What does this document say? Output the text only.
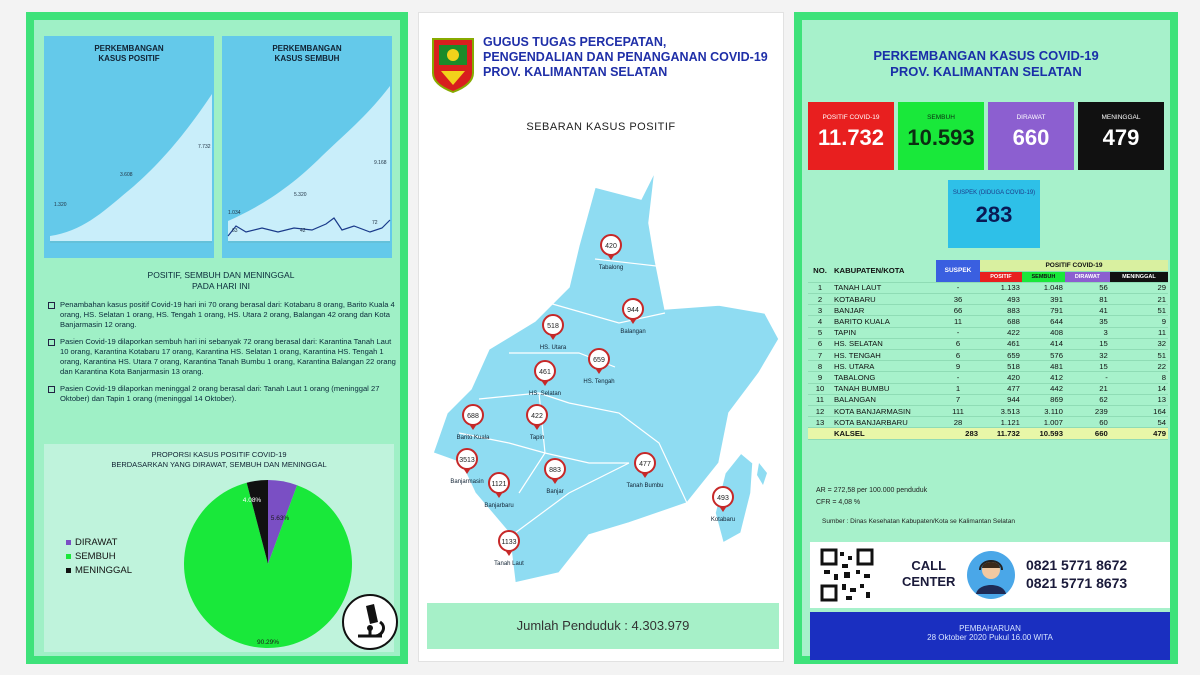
PERKEMBANGAN
KASUS POSITIF
1.320
3.608
7.732
PERKEMBANGAN
KASUS SEMBUH
1.034
5.320
9.168
42
72
63
POSITIF, SEMBUH DAN MENINGGAL
PADA HARI INI
Penambahan kasus positif Covid-19 hari ini 70 orang berasal dari: Kotabaru 8 orang, Barito Kuala 4 orang, HS. Selatan 1 orang, HS. Tengah 1 orang, HS. Utara 2 orang, Balangan 42 orang dan Kota Banjarmasin 12 orang.
Pasien Covid-19 dilaporkan sembuh hari ini sebanyak 72 orang berasal dari: Karantina Tanah Laut 10 orang, Karantina Kotabaru 17 orang, Karantina HS. Selatan 1 orang, Karantina HS. Tengah 1 orang, Karantina HS. Utara 7 orang, Karantina Tanah Bumbu 1 orang, Karantina Balangan 22 orang dan Karantina Kota Banjarmasin 13 orang.
Pasien Covid-19 dilaporkan meninggal 2 orang berasal dari: Tanah Laut 1 orang (meninggal 27 Oktober) dan Tapin 1 orang (meninggal 14 Oktober).
PROPORSI KASUS POSITIF COVID-19
BERDASARKAN YANG DIRAWAT, SEMBUH DAN MENINGGAL
DIRAWAT
SEMBUH
MENINGGAL
5.63%
90.29%
4.08%
GUGUS TUGAS PERCEPATAN,
PENGENDALIAN DAN PENANGANAN COVID-19
PROV. KALIMANTAN SELATAN
SEBARAN KASUS POSITIF
420
Tabalong
944
Balangan
518
HS. Utara
659
HS. Tengah
461
HS. Selatan
688
Barito Kuala
422
Tapin
3513
Banjarmasin 1121
Banjarbaru
883
Banjar
477
Tanah Bumbu
493
Kotabaru
1133
Tanah Laut
Jumlah Penduduk : 4.303.979
PERKEMBANGAN KASUS COVID-19
PROV. KALIMANTAN SELATAN
POSITIF COVID-19
11.732
SEMBUH
10.593
DIRAWAT
660
MENINGGAL
479
SUSPEK (DIDUGA COVID-19)
283
NO.	KABUPATEN/KOTA	SUSPEK	POSITIF COVID-19			
			POSITIF	SEMBUH	DIRAWAT	MENINGGAL
1	TANAH LAUT	-	1.133	1.048	56	29
2	KOTABARU	36	493	391	81	21
3	BANJAR	66	883	791	41	51
4	BARITO KUALA	11	688	644	35	9
5	TAPIN	-	422	408	3	11
6	HS. SELATAN	6	461	414	15	32
7	HS. TENGAH	6	659	576	32	51
8	HS. UTARA	9	518	481	15	22
9	TABALONG	-	420	412	-	8
10	TANAH BUMBU	1	477	442	21	14
11	BALANGAN	7	944	869	62	13
12	KOTA BANJARMASIN	111	3.513	3.110	239	164
13	KOTA BANJARBARU	28	1.121	1.007	60	54
	KALSEL	283	11.732	10.593	660	479
AR = 272,58 per 100.000 penduduk
CFR = 4,08 %
Sumber : Dinas Kesehatan Kabupaten/Kota se Kalimantan Selatan
CALL
CENTER
0821 5771 8672
0821 5771 8673
PEMBAHARUAN
28 Oktober 2020 Pukul 16.00 WITA
